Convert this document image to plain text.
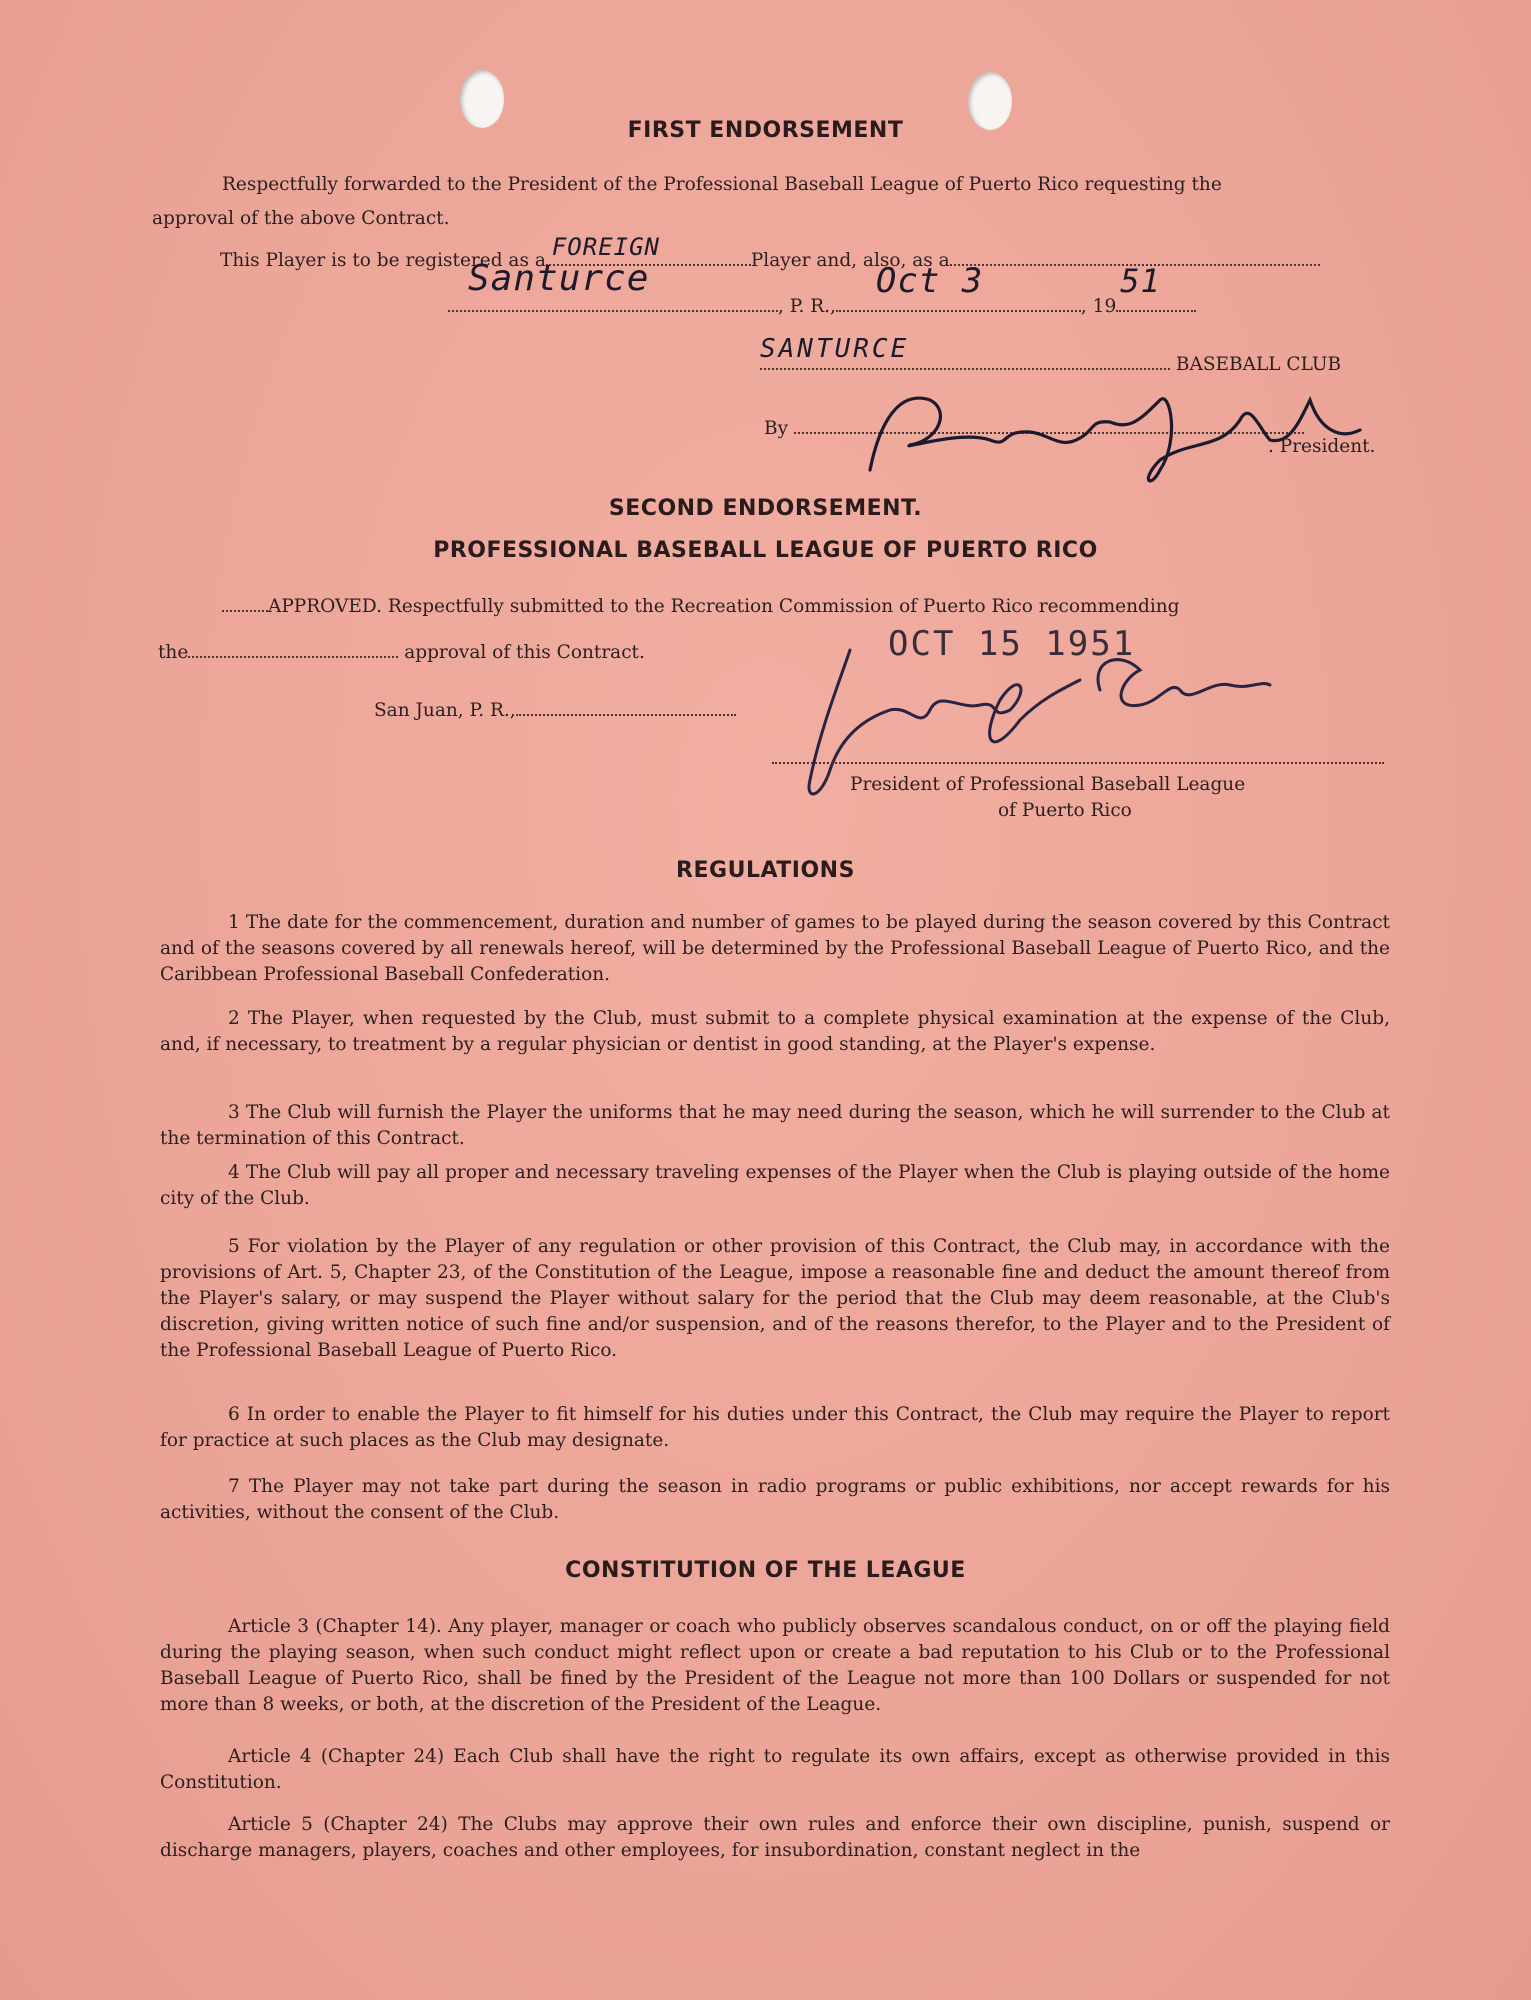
FIRST ENDORSEMENT
Respectfully forwarded to the President of the Professional Baseball League of Puerto Rico requesting the
approval of the above Contract.
This Player is to be registered as a FOREIGN	Player and, also, as a
Santurce
, P. R.,
Oct 3
, 19
51
SANTURCE
BASEBALL CLUB
By
. President.
SECOND ENDORSEMENT.
PROFESSIONAL BASEBALL LEAGUE OF PUERTO RICO
APPROVED. Respectfully submitted to the Recreation Commission of Puerto Rico recommending
the	approval of this Contract.	OCT 15 1951
San Juan, P. R.,
President of Professional Baseball League
of Puerto Rico
REGULATIONS
1 The date for the commencement, duration and number of games to be played during the season covered by this Contract and of the seasons covered by all renewals hereof, will be determined by the Professional Baseball League of Puerto Rico, and the Caribbean Professional Baseball Confederation.
2 The Player, when requested by the Club, must submit to a complete physical examination at the expense of the Club, and, if necessary, to treatment by a regular physician or dentist in good standing, at the Player's expense.
3 The Club will furnish the Player the uniforms that he may need during the season, which he will surrender to the Club at the termination of this Contract.
4 The Club will pay all proper and necessary traveling expenses of the Player when the Club is playing outside of the home city of the Club.
5 For violation by the Player of any regulation or other provision of this Contract, the Club may, in accordance with the provisions of Art. 5, Chapter 23, of the Constitution of the League, impose a reasonable fine and deduct the amount thereof from the Player's salary, or may suspend the Player without salary for the period that the Club may deem reasonable, at the Club's discretion, giving written notice of such fine and/or suspension, and of the reasons therefor, to the Player and to the President of the Professional Baseball League of Puerto Rico.
6 In order to enable the Player to fit himself for his duties under this Contract, the Club may require the Player to report for practice at such places as the Club may designate.
7 The Player may not take part during the season in radio programs or public exhibitions, nor accept rewards for his activities, without the consent of the Club.
CONSTITUTION OF THE LEAGUE
Article 3 (Chapter 14). Any player, manager or coach who publicly observes scandalous conduct, on or off the playing field during the playing season, when such conduct might reflect upon or create a bad reputation to his Club or to the Professional Baseball League of Puerto Rico, shall be fined by the President of the League not more than 100 Dollars or suspended for not more than 8 weeks, or both, at the discretion of the President of the League.
Article 4 (Chapter 24) Each Club shall have the right to regulate its own affairs, except as otherwise provided in this Constitution.
Article 5 (Chapter 24) The Clubs may approve their own rules and enforce their own discipline, punish, suspend or discharge managers, players, coaches and other employees, for insubordination, constant neglect in the
